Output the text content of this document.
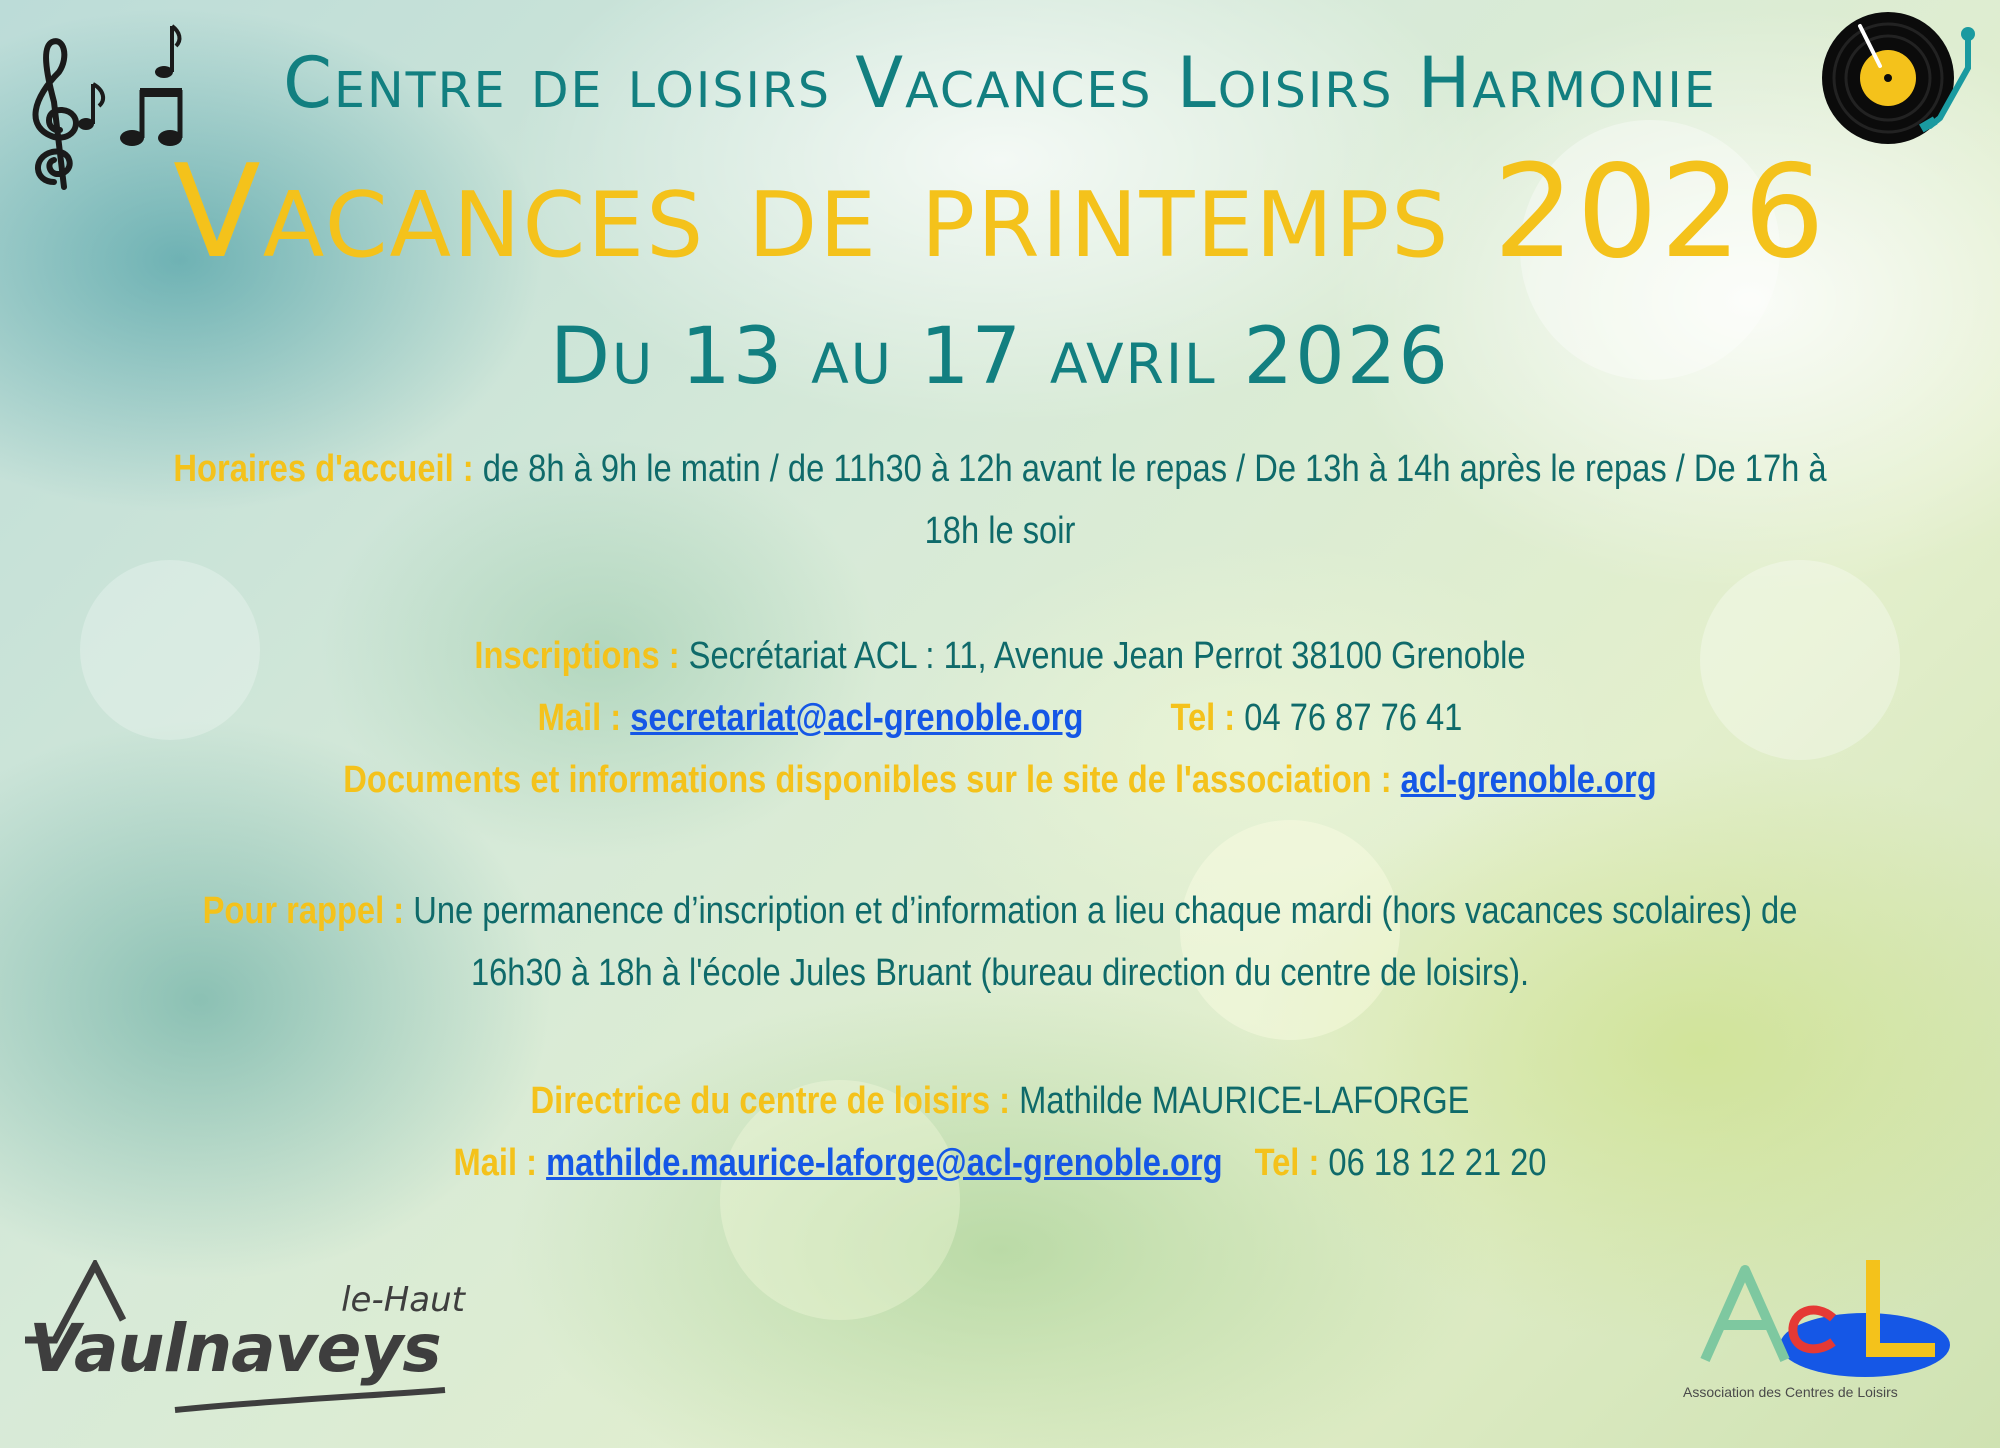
Centre de loisirs Vacances Loisirs Harmonie
Vacances de printemps 2026
Du 13 au 17 avril 2026
Horaires d'accueil : de 8h à 9h le matin / de 11h30 à 12h avant le repas / De 13h à 14h après le repas / De 17h à
18h le soir
Inscriptions : Secrétariat ACL : 11, Avenue Jean Perrot 38100 Grenoble
Mail : secretariat@acl-grenoble.org Tel : 04 76 87 76 41
Documents et informations disponibles sur le site de l'association : acl-grenoble.org
Pour rappel : Une permanence d’inscription et d’information a lieu chaque mardi (hors vacances scolaires) de
16h30 à 18h à l'école Jules Bruant (bureau direction du centre de loisirs).
Directrice du centre de loisirs : Mathilde MAURICE-LAFORGE
Mail : mathilde.maurice-laforge@acl-grenoble.org Tel : 06 18 12 21 20
le-Haut
Vaulnaveys
Association des Centres de Loisirs
